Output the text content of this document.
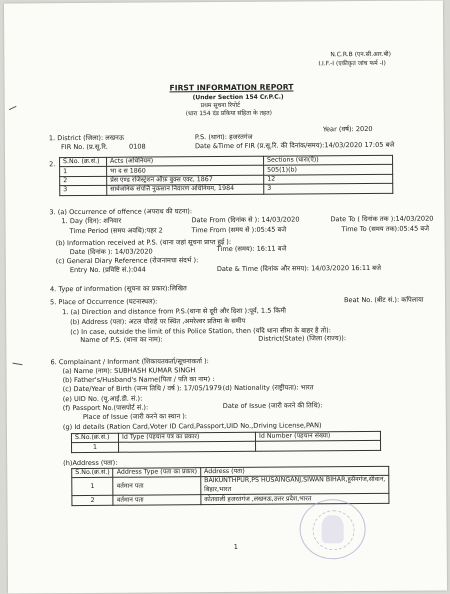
N.C.R.B (एन.सी.आर.बी)
I.I.F.-I (एकीकृत जांच फर्म -I)
FIRST INFORMATION REPORT
(Under Section 154 Cr.P.C.)
प्रथम सूचना रिपोर्ट
(धारा 154 दंड प्रकिया संहिता के तहत)
Year (वर्ष): 2020
1. District (जिला): लखनऊ	P.S. (थाना): हजरतगंज
FIR No. (प्र.सू.रि.	0108	Date &Time of FIR (प्र.सू.रि. की दिनांक/समय):14/03/2020 17:05 बजे
2. S.No. (क्र.सं.)	Acts (अधिनियम)	Sections (धारा(एँ))
1	भा द स 1860	505(1)(b)
2	प्रेस एण्ड रजिस्ट्रेशन ऑफ़ बुक्स एक्ट, 1867	12
3	सार्वजनिक संपत्ति नुकसान निवारण अधिनियम, 1984	3
3. (a) Occurrence of offence (अपराध की घटना):
1. Day (दिन): शनिवार	Date From (दिनांक से ): 14/03/2020	Date To ( दिनांक तक ):14/03/2020
Time Period (समय अवधि):पहर 2	Time From (समय से ):05:45 बजे	Time To (समय तक):05:45 बजे
(b) Information received at P.S. (थाना जहां सूचना प्राप्त हुई ):
Date (दिनांक ): 14/03/2020	Time (समय): 16:11 बजे
(c) General Diary Reference (रोजनामचा संदर्भ ):
Entry No. (प्रविष्टि सं.):044	Date & Time (दिनांक और समय): 14/03/2020 16:11 बजे
4. Type of information (सूचना का प्रकार):लिखित
5. Place of Occurrence (घटनास्थल):	Beat No. (बीट सं.): कपिलाया
1. (a) Direction and distance from P.S.(थाना से दूरी और दिशा ):पूर्व, 1.5 किमी
(b) Address (पता): अटल चौराहे पर स्थित ,अमरेश्वर प्रतिमा के समीप
(c) In case, outside the limit of this Police Station, then (यदि थाना सीमा के बाहर है तो):
Name of P.S. (थाना का नाम):	District(State) (जिला (राज्य)):
6. Complainant / Informant (शिकायतकर्ता/सूचनाकर्ता ):
(a) Name (नाम): SUBHASH KUMAR SINGH
(b) Father's/Husband's Name(पिता / पति का नाम) :
(c) Date/Year of Birth (जन्म तिथि / वर्ष ): 17/05/1979 (d) Nationality (राष्ट्रीयता): भारत
(e) UID No. (यू.आई.डी. सं.):
(f) Passport No.(पासपोर्ट सं.):	Date of Issue (जारी करने की तिथि):
Place of Issue (जारी करने का स्थान ):
(g) Id details (Ration Card,Voter ID Card,Passport,UID No.,Driving License,PAN)
S.No.(क्र.सं.)	Id Type (पहचान पत्र का प्रकार)	Id Number (पहचान संख्या)
1		
(h)Address (पता):
S.No.(क्र.सं.)	Address Type (पता का प्रकार)	Address (पता)
1	वर्तमान पता	BAIKUNTHPUR,PS HUSAINGANJ,SIWAN BIHAR,हुसैनगंज,सीवान,
बिहार,भारत
2	वर्तमान पता	कोतवाली हजरतगंज ,लखनऊ,उत्तर प्रदेश,भारत
1
